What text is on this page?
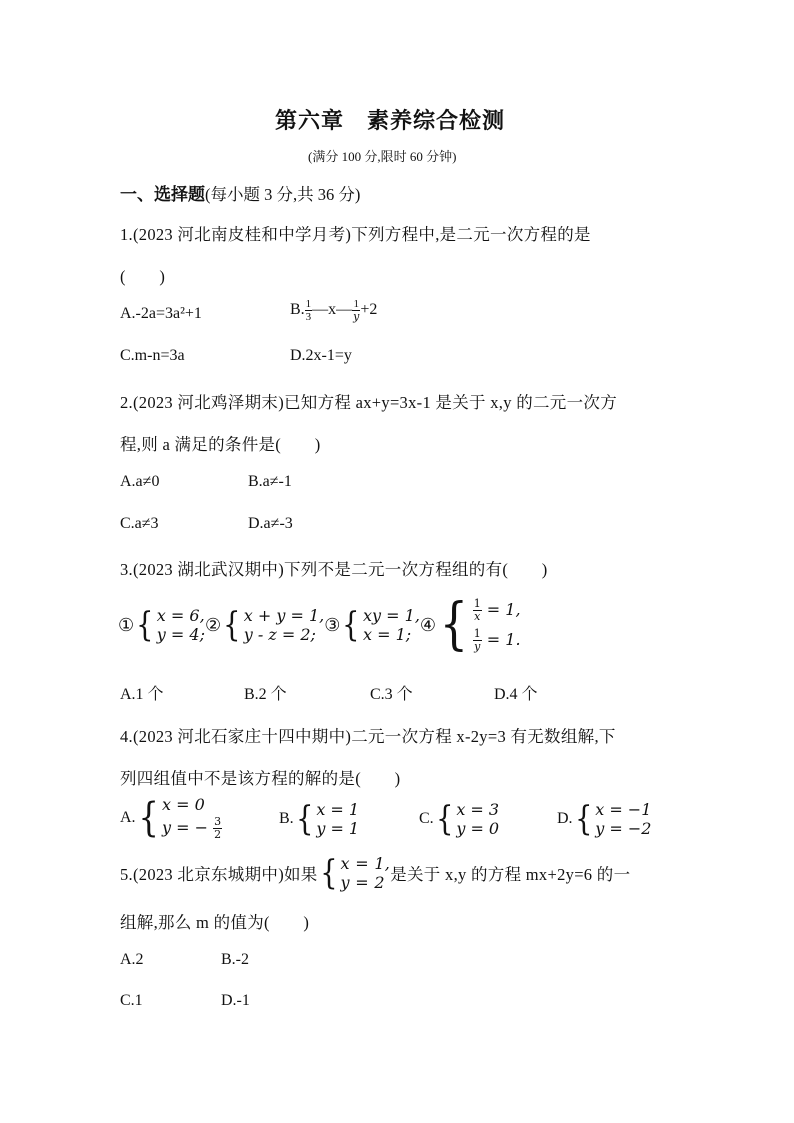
第六章　素养综合检测
(满分 100 分,限时 60 分钟)
一、选择题(每小题 3 分,共 36 分)
1.(2023 河北南皮桂和中学月考)下列方程中,是二元一次方程的是
(　　)
A.-2a=3a²+1	B. $\frac{1}{3}$ —x— $\frac{1}{y} +2$
C.m-n=3a	D.2x-1=y
2.(2023 河北鸡泽期末)已知方程 ax+y=3x-1 是关于 x,y 的二元一次方
程,则 a 满足的条件是(　　)
A.a≠0	B.a≠-1
C.a≠3	D.a≠-3
3.(2023 湖北武汉期中)下列不是二元一次方程组的有(　　)
① { x = 6,
y = 4; ② { x + y = 1,
y - z = 2; ③ { xy = 1,
x = 1; ④ { $\frac{1}{x} = 1$,
$\frac{1}{y} = 1$.
A.1 个	B.2 个	C.3 个	D.4 个
4.(2023 河北石家庄十四中期中)二元一次方程 x-2y=3 有无数组解,下
列四组值中不是该方程的解的是(　　)
A. { x = 0
y = − $\frac{3}{2}$	B. { x = 1
y = 1
C. { x = 3
y = 0
D. { x = −1
y = −2
5.(2023 北京东城期中)如果 { x = 1,
y = 2 是关于 x,y 的方程 mx+2y=6 的一
组解,那么 m 的值为(　　)
A.2	B.-2
C.1	D.-1
